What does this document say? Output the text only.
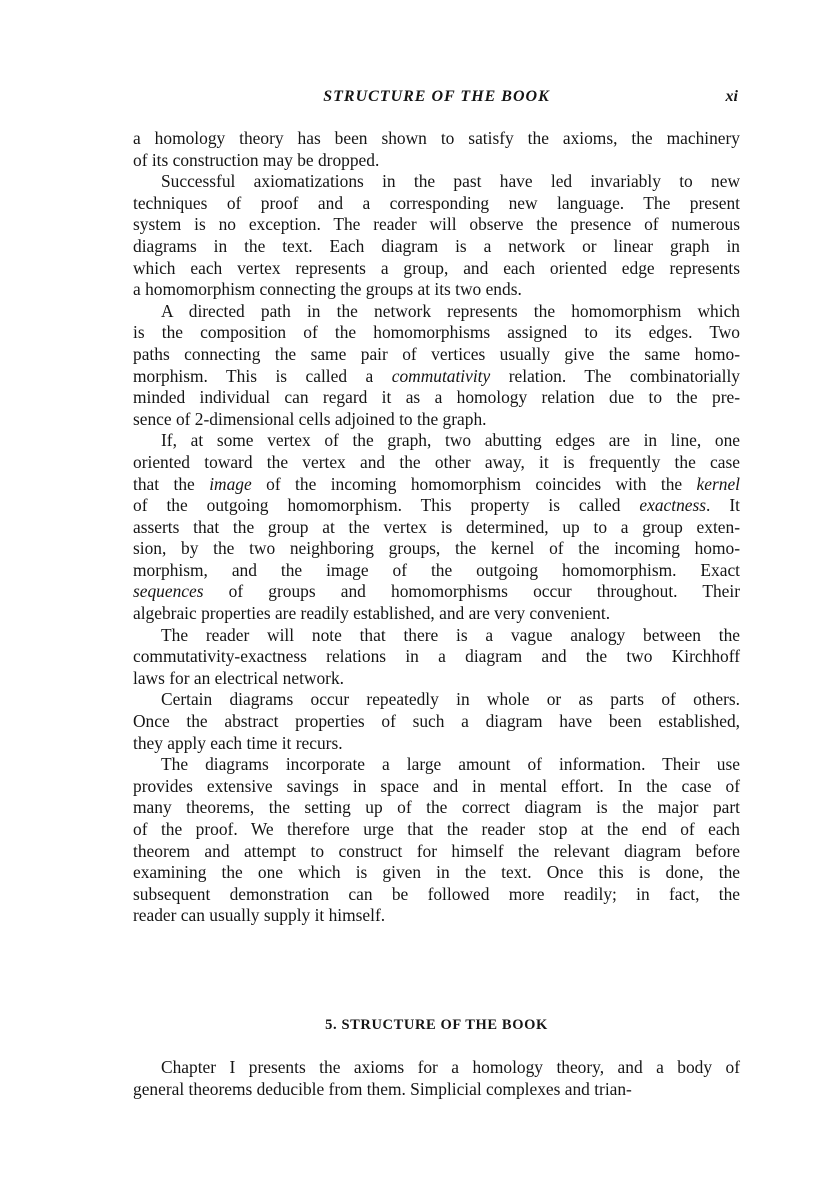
STRUCTURE OF THE BOOK	xi
a homology theory has been shown to satisfy the axioms, the machinery
of its construction may be dropped.
Successful axiomatizations in the past have led invariably to new
techniques of proof and a corresponding new language. The present
system is no exception. The reader will observe the presence of numerous
diagrams in the text. Each diagram is a network or linear graph in
which each vertex represents a group, and each oriented edge represents
a homomorphism connecting the groups at its two ends.
A directed path in the network represents the homomorphism which
is the composition of the homomorphisms assigned to its edges. Two
paths connecting the same pair of vertices usually give the same homo-
morphism. This is called a commutativity relation. The combinatorially
minded individual can regard it as a homology relation due to the pre-
sence of 2-dimensional cells adjoined to the graph.
If, at some vertex of the graph, two abutting edges are in line, one
oriented toward the vertex and the other away, it is frequently the case
that the image of the incoming homomorphism coincides with the kernel
of the outgoing homomorphism. This property is called exactness. It
asserts that the group at the vertex is determined, up to a group exten-
sion, by the two neighboring groups, the kernel of the incoming homo-
morphism, and the image of the outgoing homomorphism. Exact
sequences of groups and homomorphisms occur throughout. Their
algebraic properties are readily established, and are very convenient.
The reader will note that there is a vague analogy between the
commutativity-exactness relations in a diagram and the two Kirchhoff
laws for an electrical network.
Certain diagrams occur repeatedly in whole or as parts of others.
Once the abstract properties of such a diagram have been established,
they apply each time it recurs.
The diagrams incorporate a large amount of information. Their use
provides extensive savings in space and in mental effort. In the case of
many theorems, the setting up of the correct diagram is the major part
of the proof. We therefore urge that the reader stop at the end of each
theorem and attempt to construct for himself the relevant diagram before
examining the one which is given in the text. Once this is done, the
subsequent demonstration can be followed more readily; in fact, the
reader can usually supply it himself.
5. STRUCTURE OF THE BOOK
Chapter I presents the axioms for a homology theory, and a body of
general theorems deducible from them. Simplicial complexes and trian-
